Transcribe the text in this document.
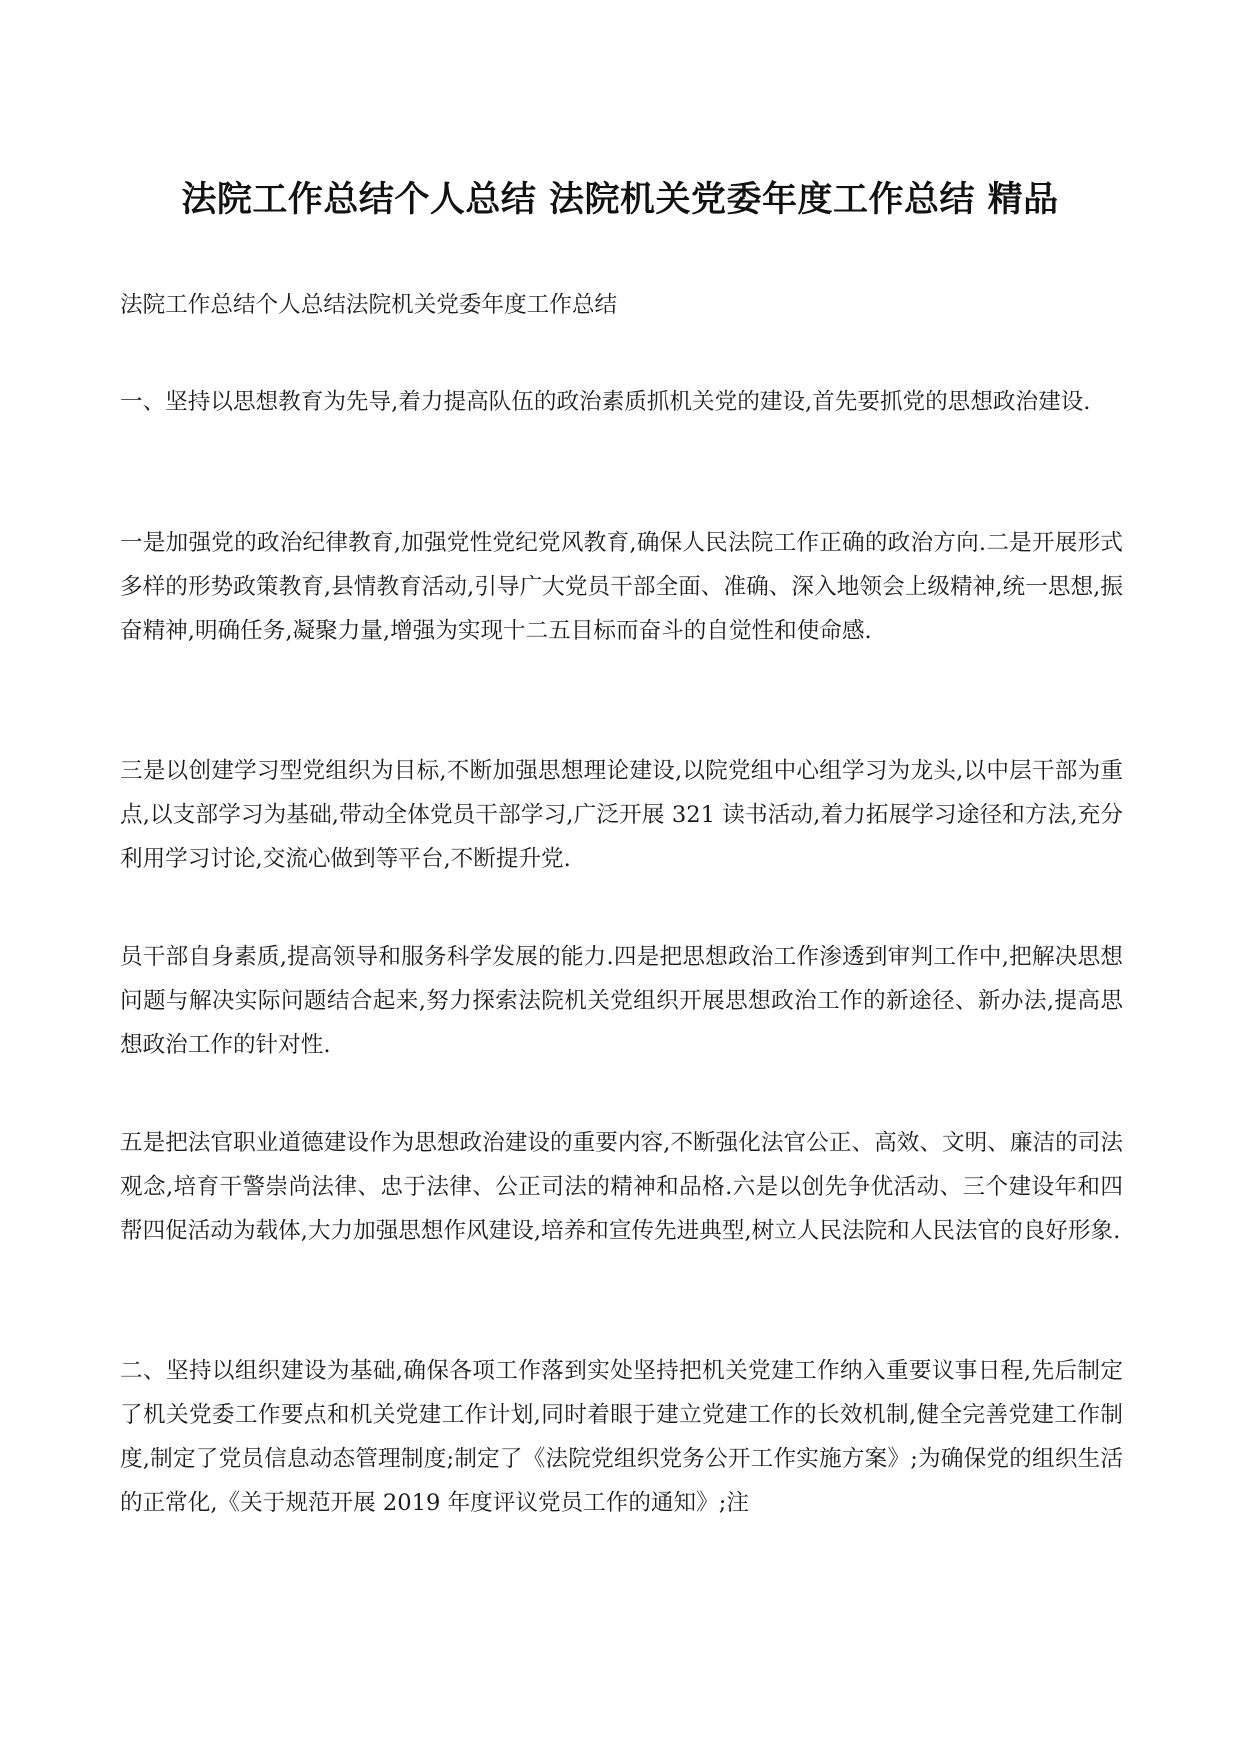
法院工作总结个人总结 法院机关党委年度工作总结 精品

法院工作总结个人总结法院机关党委年度工作总结

一、坚持以思想教育为先导,着力提高队伍的政治素质抓机关党的建设,首先要抓党的思想政治建设.

一是加强党的政治纪律教育,加强党性党纪党风教育,确保人民法院工作正确的政治方向.二是开展形式多样的形势政策教育,县情教育活动,引导广大党员干部全面、准确、深入地领会上级精神,统一思想,振奋精神,明确任务,凝聚力量,增强为实现十二五目标而奋斗的自觉性和使命感.

三是以创建学习型党组织为目标,不断加强思想理论建设,以院党组中心组学习为龙头,以中层干部为重点,以支部学习为基础,带动全体党员干部学习,广泛开展 321 读书活动,着力拓展学习途径和方法,充分利用学习讨论,交流心做到等平台,不断提升党.

员干部自身素质,提高领导和服务科学发展的能力.四是把思想政治工作渗透到审判工作中,把解决思想问题与解决实际问题结合起来,努力探索法院机关党组织开展思想政治工作的新途径、新办法,提高思想政治工作的针对性.

五是把法官职业道德建设作为思想政治建设的重要内容,不断强化法官公正、高效、文明、廉洁的司法观念,培育干警崇尚法律、忠于法律、公正司法的精神和品格.六是以创先争优活动、三个建设年和四帮四促活动为载体,大力加强思想作风建设,培养和宣传先进典型,树立人民法院和人民法官的良好形象.

二、坚持以组织建设为基础,确保各项工作落到实处坚持把机关党建工作纳入重要议事日程,先后制定了机关党委工作要点和机关党建工作计划,同时着眼于建立党建工作的长效机制,健全完善党建工作制度,制定了党员信息动态管理制度;制定了《法院党组织党务公开工作实施方案》;为确保党的组织生活的正常化,《关于规范开展 2019 年度评议党员工作的通知》;注
